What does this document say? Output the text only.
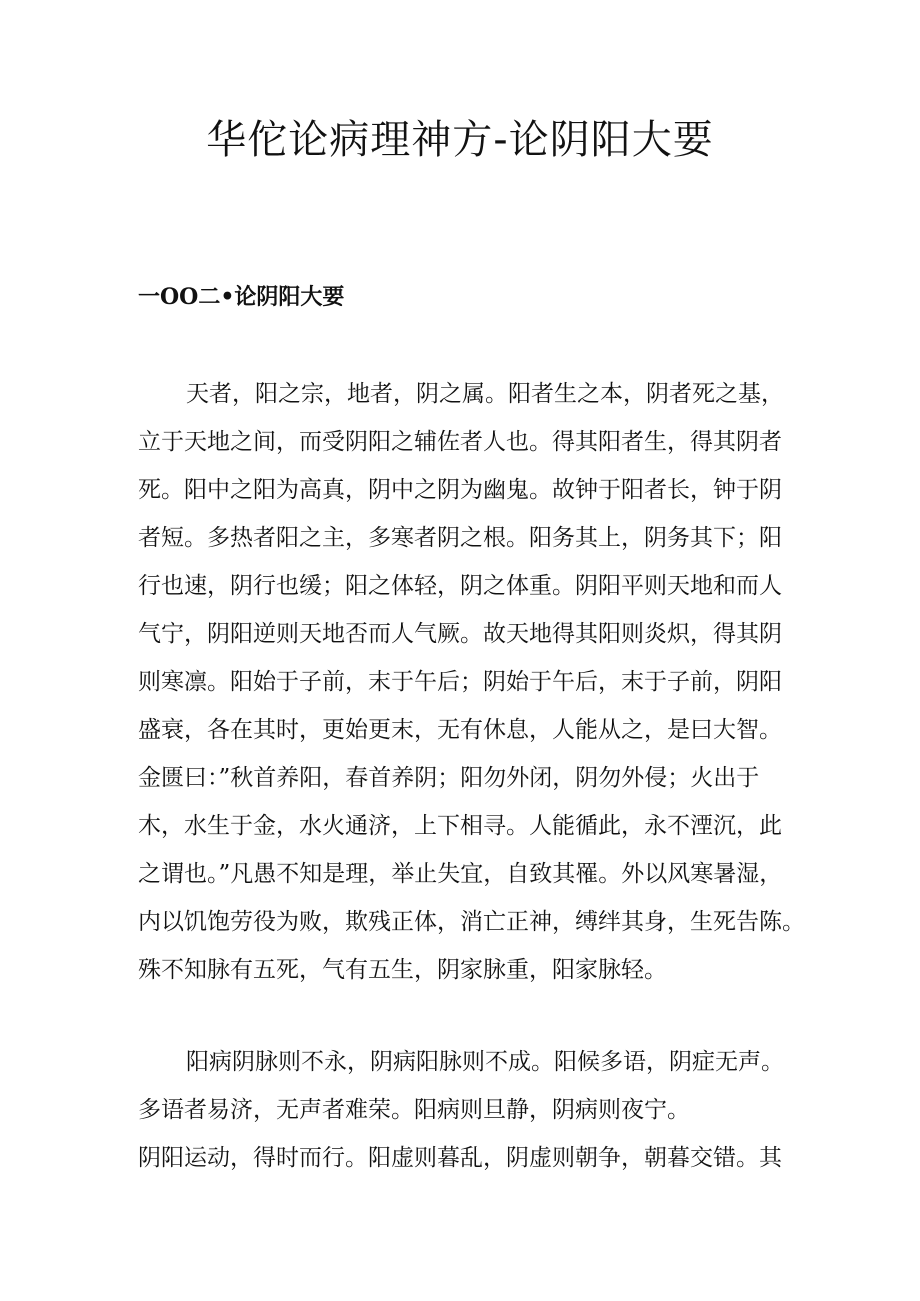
华佗论病理神方-论阴阳大要
一OO二•论阴阳大要
天者，阳之宗，地者，阴之属。阳者生之本，阴者死之基，
立于天地之间，而受阴阳之辅佐者人也。得其阳者生，得其阴者
死。阳中之阳为高真，阴中之阴为幽鬼。故钟于阳者长，钟于阴
者短。多热者阳之主，多寒者阴之根。阳务其上，阴务其下；阳
行也速，阴行也缓；阳之体轻，阴之体重。阴阳平则天地和而人
气宁，阴阳逆则天地否而人气厥。故天地得其阳则炎炽，得其阴
则寒凛。阳始于子前，末于午后；阴始于午后，末于子前，阴阳
盛衰，各在其时，更始更末，无有休息，人能从之，是曰大智。
金匮曰：”秋首养阳，春首养阴；阳勿外闭，阴勿外侵；火出于
木，水生于金，水火通济，上下相寻。人能循此，永不湮沉，此
之谓也。”凡愚不知是理，举止失宜，自致其罹。外以风寒暑湿，
内以饥饱劳役为败，欺残正体，消亡正神，缚绊其身，生死告陈。
殊不知脉有五死，气有五生，阴家脉重，阳家脉轻。
阳病阴脉则不永，阴病阳脉则不成。阳候多语，阴症无声。
多语者易济，无声者难荣。阳病则旦静，阴病则夜宁。
阴阳运动，得时而行。阳虚则暮乱，阴虚则朝争，朝暮交错。其
